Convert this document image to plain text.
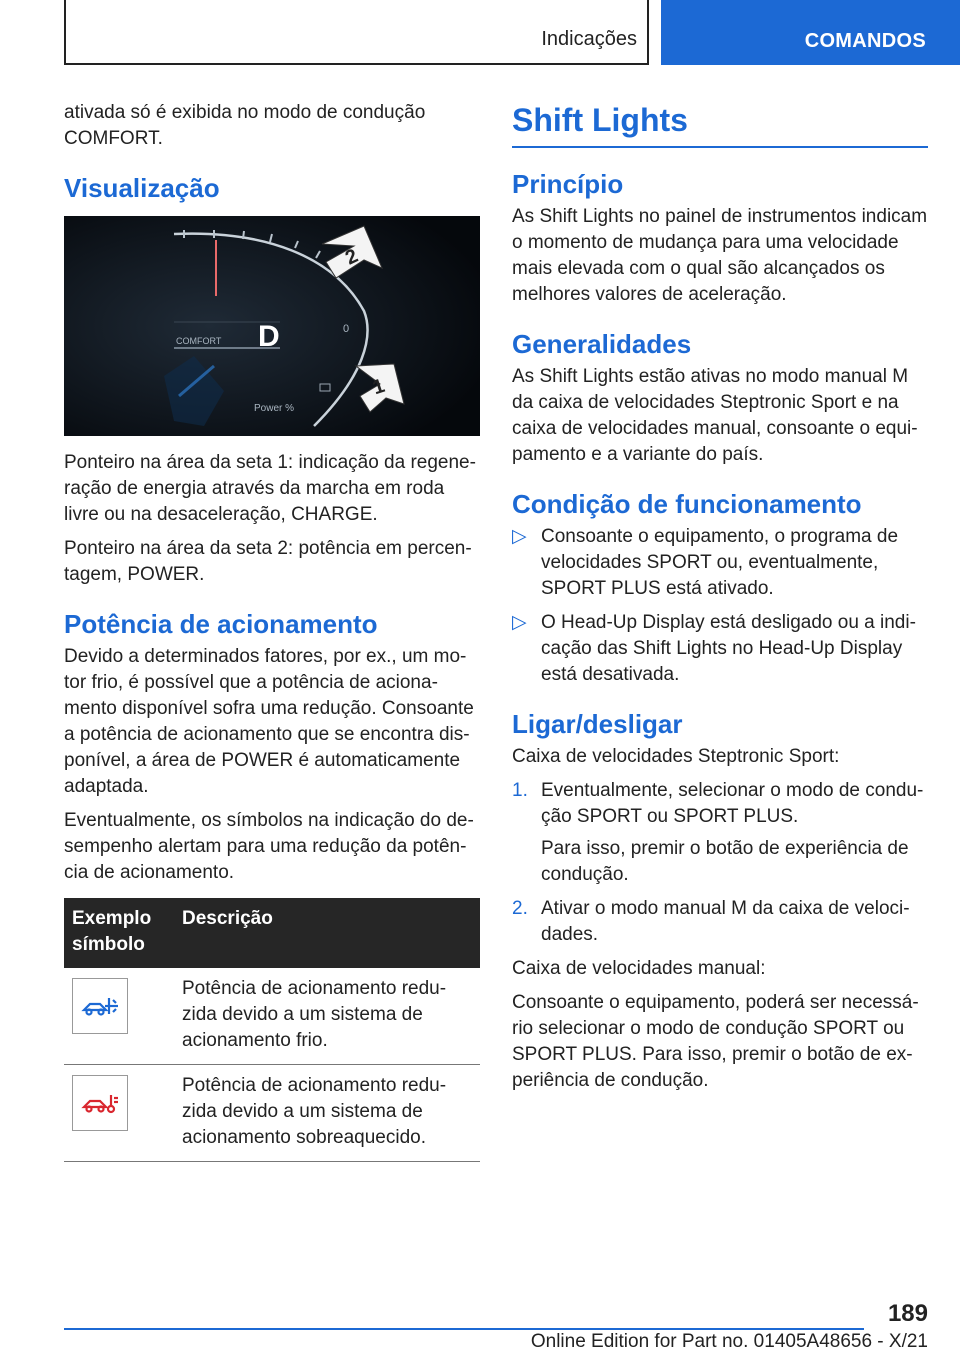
Indicações	COMANDOS

ativada só é exibida no modo de condução COMFORT.

Visualização
COMFORT D
Power %
0
2
1

Ponteiro na área da seta 1: indicação da regeneração de energia através da marcha em roda livre ou na desaceleração, CHARGE.

Ponteiro na área da seta 2: potência em percentagem, POWER.

Potência de acionamento

Devido a determinados fatores, por ex., um motor frio, é possível que a potência de acionamento disponível sofra uma redução. Consoante a potência de acionamento que se encontra disponível, a área de POWER é automaticamente adaptada.

Eventualmente, os símbolos na indicação do desempenho alertam para uma redução da potência de acionamento.

Exemplo símbolo	Descrição

	Potência de acionamento reduzida devido a um sistema de acionamento frio.

	Potência de acionamento reduzida devido a um sistema de acionamento sobreaquecido.
Shift Lights
Princípio

As Shift Lights no painel de instrumentos indicam o momento de mudança para uma velocidade mais elevada com o qual são alcançados os melhores valores de aceleração.

Generalidades

As Shift Lights estão ativas no modo manual M da caixa de velocidades Steptronic Sport e na caixa de velocidades manual, consoante o equipamento e a variante do país.

Condição de funcionamento
▷ Consoante o equipamento, o programa de velocidades SPORT ou, eventualmente, SPORT PLUS está ativado.
▷ O Head-Up Display está desligado ou a indicação das Shift Lights no Head-Up Display está desativada.
Ligar/desligar

Caixa de velocidades Steptronic Sport:

1. Eventualmente, selecionar o modo de condução SPORT ou SPORT PLUS.
Para isso, premir o botão de experiência de condução.
2. Ativar o modo manual M da caixa de velocidades.

Caixa de velocidades manual:

Consoante o equipamento, poderá ser necessário selecionar o modo de condução SPORT ou SPORT PLUS. Para isso, premir o botão de experiência de condução.

189
Online Edition for Part no. 01405A48656 - X/21
